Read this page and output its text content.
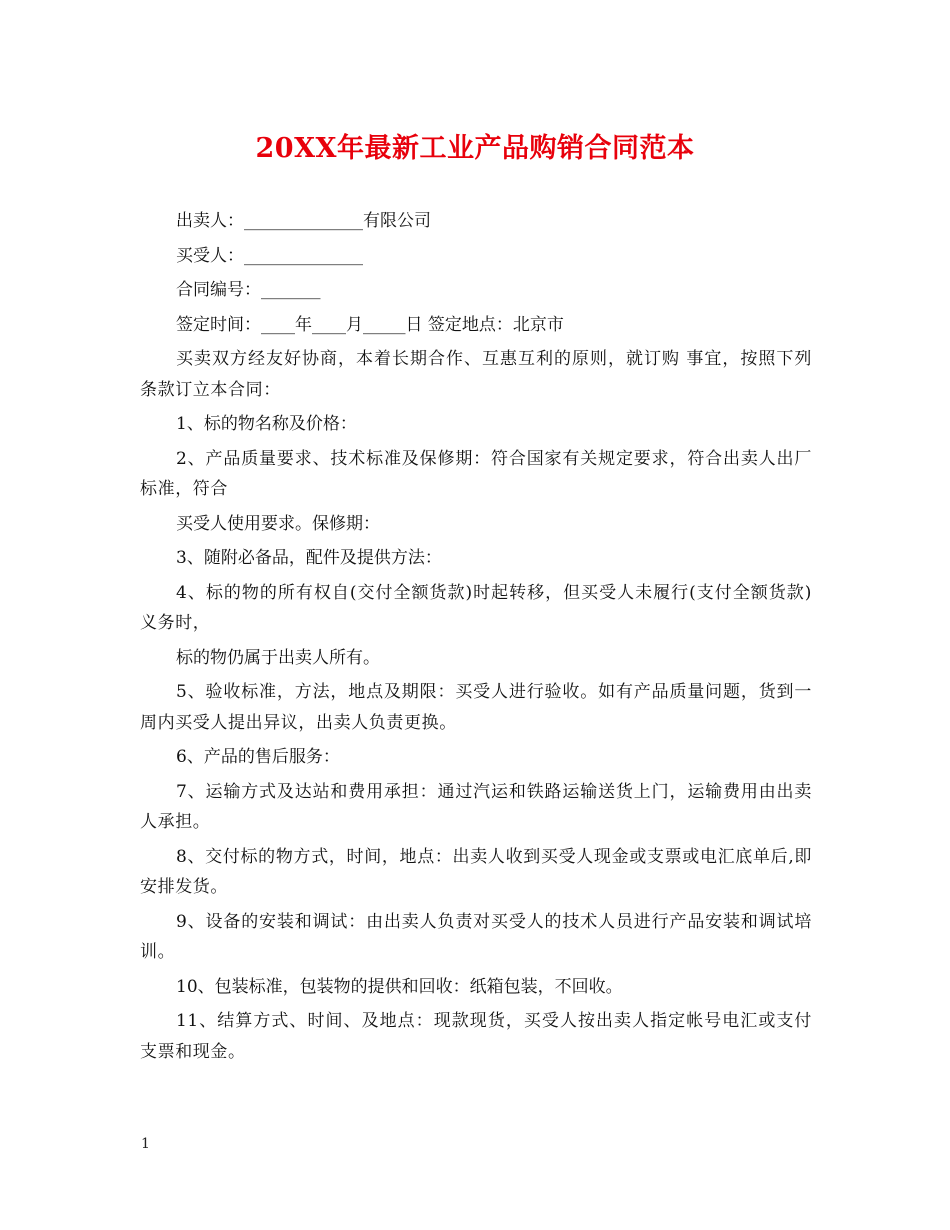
20XX年最新工业产品购销合同范本

出卖人：______________有限公司

买受人：______________

合同编号：_______

签定时间：____年____月_____日 签定地点：北京市

买卖双方经友好协商，本着长期合作、互惠互利的原则，就订购 事宜，按照下列条款订立本合同：

1、标的物名称及价格：

2、产品质量要求、技术标准及保修期：符合国家有关规定要求，符合出卖人出厂标准，符合

买受人使用要求。保修期：

3、随附必备品，配件及提供方法：

4、标的物的所有权自(交付全额货款)时起转移，但买受人未履行(支付全额货款)义务时，

标的物仍属于出卖人所有。

5、验收标准，方法，地点及期限：买受人进行验收。如有产品质量问题，货到一周内买受人提出异议，出卖人负责更换。

6、产品的售后服务：

7、运输方式及达站和费用承担：通过汽运和铁路运输送货上门，运输费用由出卖人承担。

8、交付标的物方式，时间，地点：出卖人收到买受人现金或支票或电汇底单后,即安排发货。

9、设备的安装和调试：由出卖人负责对买受人的技术人员进行产品安装和调试培训。

10、包装标准，包装物的提供和回收：纸箱包装，不回收。

11、结算方式、时间、及地点：现款现货，买受人按出卖人指定帐号电汇或支付支票和现金。

1
